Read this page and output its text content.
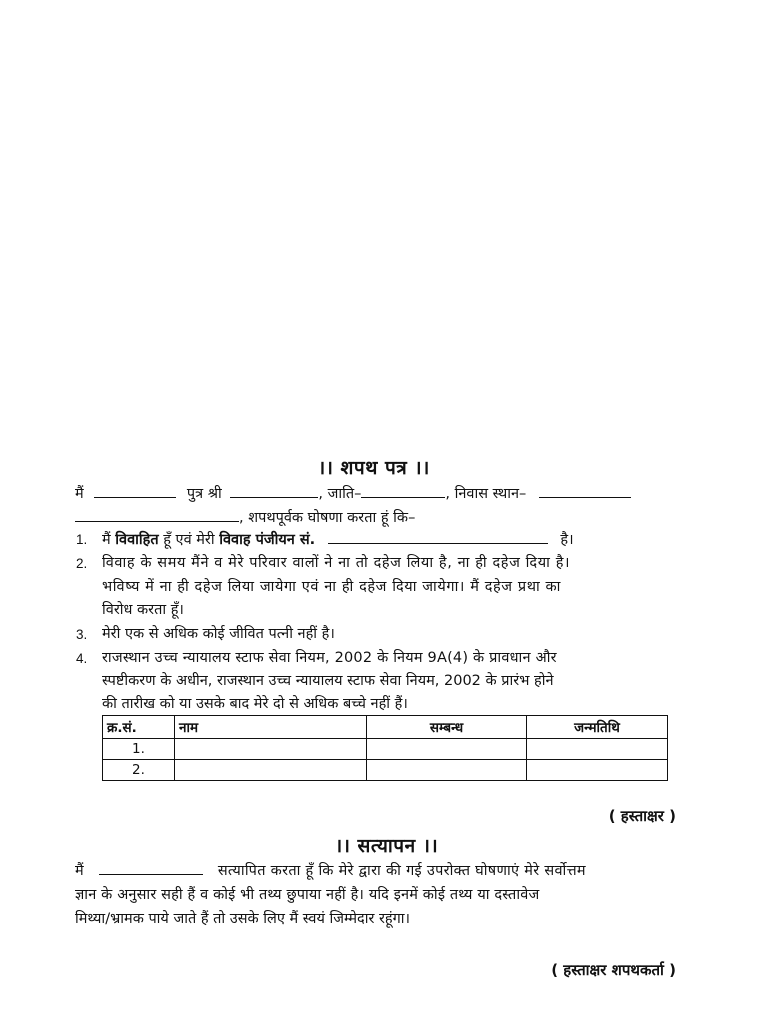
।। शपथ पत्र ।।
मैं	पुत्र श्री	, जाति–	, निवास स्थान–
, शपथपूर्वक घोषणा करता हूं कि–
1. मैं विवाहित हूँ एवं मेरी विवाह पंजीयन सं.	है।
2. विवाह के समय मैंने व मेरे परिवार वालों ने ना तो दहेज लिया है, ना ही दहेज दिया है।
भविष्य में ना ही दहेज लिया जायेगा एवं ना ही दहेज दिया जायेगा। मैं दहेज प्रथा का
विरोध करता हूँ।
3. मेरी एक से अधिक कोई जीवित पत्नी नहीं है।
4. राजस्थान उच्च न्यायालय स्टाफ सेवा नियम, 2002 के नियम 9A(4) के प्रावधान और
स्पष्टीकरण के अधीन, राजस्थान उच्च न्यायालय स्टाफ सेवा नियम, 2002 के प्रारंभ होने
की तारीख को या उसके बाद मेरे दो से अधिक बच्चे नहीं हैं।
क्र.सं.	नाम	सम्बन्ध	जन्मतिथि
1.			
2.			
( हस्ताक्षर )
।। सत्यापन ।।
मैं	सत्यापित करता हूँ कि मेरे द्वारा की गई उपरोक्त घोषणाएं मेरे सर्वोत्तम
ज्ञान के अनुसार सही हैं व कोई भी तथ्य छुपाया नहीं है। यदि इनमें कोई तथ्य या दस्तावेज
मिथ्या/भ्रामक पाये जाते हैं तो उसके लिए मैं स्वयं जिम्मेदार रहूंगा।
( हस्ताक्षर शपथकर्ता )
